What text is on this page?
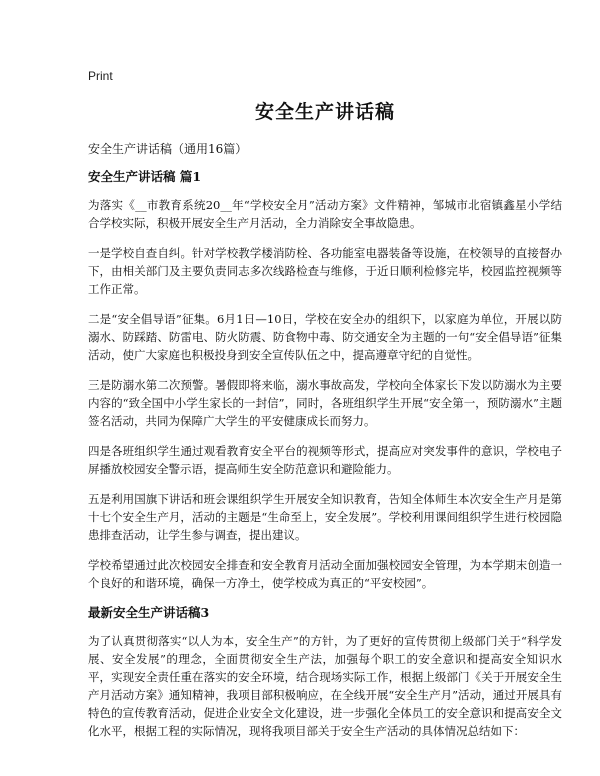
Print
安全生产讲话稿
安全生产讲话稿（通用16篇）
安全生产讲话稿 篇1

为落实《__市教育系统20__年“学校安全月”活动方案》文件精神，邹城市北宿镇鑫星小学结合学校实际，积极开展安全生产月活动，全力消除安全事故隐患。

一是学校自查自纠。针对学校教学楼消防栓、各功能室电器装备等设施，在校领导的直接督办下，由相关部门及主要负责同志多次线路检查与维修，于近日顺利检修完毕，校园监控视频等工作正常。

二是“安全倡导语”征集。6月1日—10日，学校在安全办的组织下，以家庭为单位，开展以防溺水、防踩踏、防雷电、防火防震、防食物中毒、防交通安全为主题的一句“安全倡导语”征集活动，使广大家庭也积极投身到安全宣传队伍之中，提高遵章守纪的自觉性。

三是防溺水第二次预警。暑假即将来临，溺水事故高发，学校向全体家长下发以防溺水为主要内容的“致全国中小学生家长的一封信”，同时，各班组织学生开展“安全第一，预防溺水”主题签名活动，共同为保障广大学生的平安健康成长而努力。

四是各班组织学生通过观看教育安全平台的视频等形式，提高应对突发事件的意识，学校电子屏播放校园安全警示语，提高师生安全防范意识和避险能力。

五是利用国旗下讲话和班会课组织学生开展安全知识教育，告知全体师生本次安全生产月是第十七个安全生产月，活动的主题是“生命至上，安全发展”。学校利用课间组织学生进行校园隐患排查活动，让学生参与调查，提出建议。

学校希望通过此次校园安全排查和安全教育月活动全面加强校园安全管理，为本学期末创造一个良好的和谐环境，确保一方净土，使学校成为真正的“平安校园”。

最新安全生产讲话稿3

为了认真贯彻落实“以人为本，安全生产”的方针，为了更好的宣传贯彻上级部门关于“科学发展、安全发展”的理念，全面贯彻安全生产法，加强每个职工的安全意识和提高安全知识水平，实现安全责任重在落实的安全环境，结合现场实际工作，根据上级部门《关于开展安全生产月活动方案》通知精神，我项目部积极响应，在全线开展“安全生产月”活动，通过开展具有特色的宣传教育活动，促进企业安全文化建设，进一步强化全体员工的安全意识和提高安全文化水平，根据工程的实际情况，现将我项目部关于安全生产活动的具体情况总结如下：
